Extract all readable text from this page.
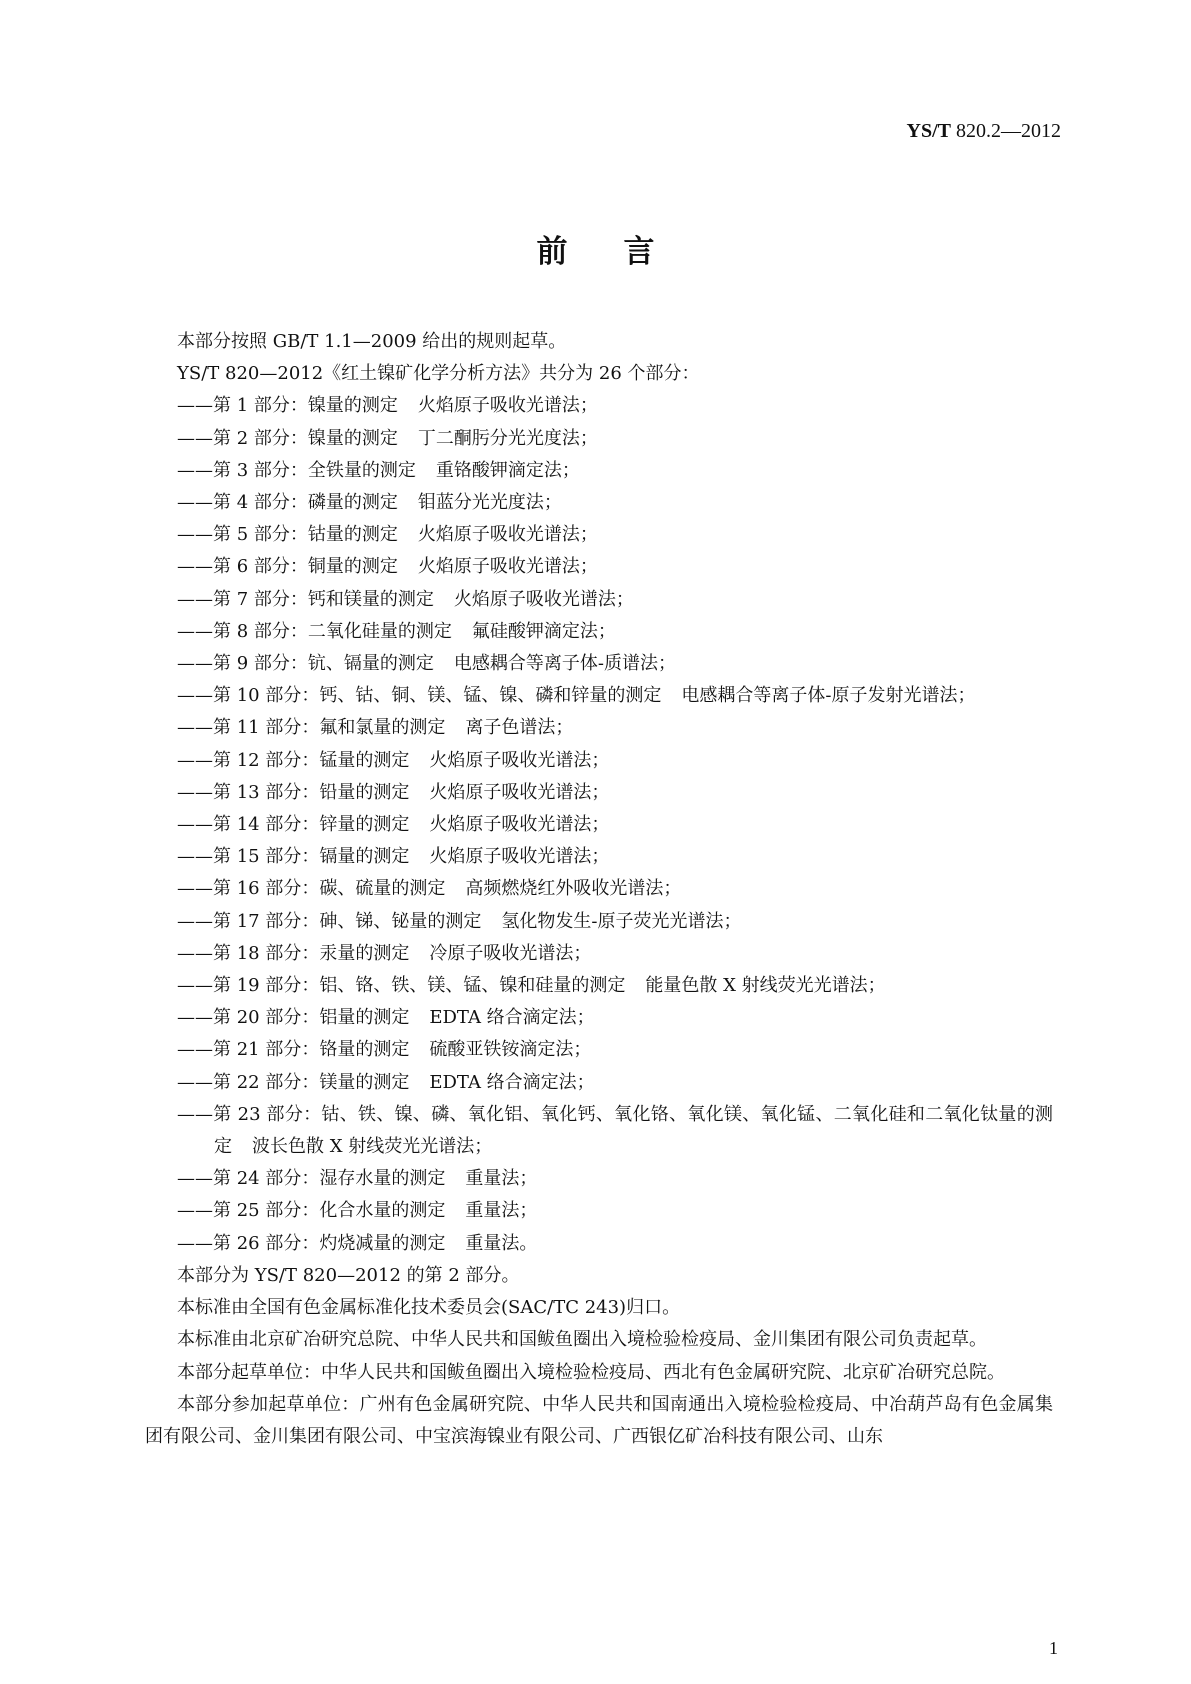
YS/T 820.2—2012
前言

本部分按照 GB/T 1.1—2009 给出的规则起草。

YS/T 820—2012《红土镍矿化学分析方法》共分为 26 个部分：

——第 1 部分：镍量的测定 火焰原子吸收光谱法；

——第 2 部分：镍量的测定 丁二酮肟分光光度法；

——第 3 部分：全铁量的测定 重铬酸钾滴定法；

——第 4 部分：磷量的测定 钼蓝分光光度法；

——第 5 部分：钴量的测定 火焰原子吸收光谱法；

——第 6 部分：铜量的测定 火焰原子吸收光谱法；

——第 7 部分：钙和镁量的测定 火焰原子吸收光谱法；

——第 8 部分：二氧化硅量的测定 氟硅酸钾滴定法；

——第 9 部分：钪、镉量的测定 电感耦合等离子体-质谱法；

——第 10 部分：钙、钴、铜、镁、锰、镍、磷和锌量的测定 电感耦合等离子体-原子发射光谱法；

——第 11 部分：氟和氯量的测定 离子色谱法；

——第 12 部分：锰量的测定 火焰原子吸收光谱法；

——第 13 部分：铅量的测定 火焰原子吸收光谱法；

——第 14 部分：锌量的测定 火焰原子吸收光谱法；

——第 15 部分：镉量的测定 火焰原子吸收光谱法；

——第 16 部分：碳、硫量的测定 高频燃烧红外吸收光谱法；

——第 17 部分：砷、锑、铋量的测定 氢化物发生-原子荧光光谱法；

——第 18 部分：汞量的测定 冷原子吸收光谱法；

——第 19 部分：铝、铬、铁、镁、锰、镍和硅量的测定 能量色散 X 射线荧光光谱法；

——第 20 部分：铝量的测定 EDTA 络合滴定法；

——第 21 部分：铬量的测定 硫酸亚铁铵滴定法；

——第 22 部分：镁量的测定 EDTA 络合滴定法；

——第 23 部分：钴、铁、镍、磷、氧化铝、氧化钙、氧化铬、氧化镁、氧化锰、二氧化硅和二氧化钛量的测定 波长色散 X 射线荧光光谱法；

——第 24 部分：湿存水量的测定 重量法；

——第 25 部分：化合水量的测定 重量法；

——第 26 部分：灼烧减量的测定 重量法。

本部分为 YS/T 820—2012 的第 2 部分。

本标准由全国有色金属标准化技术委员会(SAC/TC 243)归口。

本标准由北京矿冶研究总院、中华人民共和国鲅鱼圈出入境检验检疫局、金川集团有限公司负责起草。

本部分起草单位：中华人民共和国鲅鱼圈出入境检验检疫局、西北有色金属研究院、北京矿冶研究总院。

本部分参加起草单位：广州有色金属研究院、中华人民共和国南通出入境检验检疫局、中冶葫芦岛有色金属集团有限公司、金川集团有限公司、中宝滨海镍业有限公司、广西银亿矿冶科技有限公司、山东

1
